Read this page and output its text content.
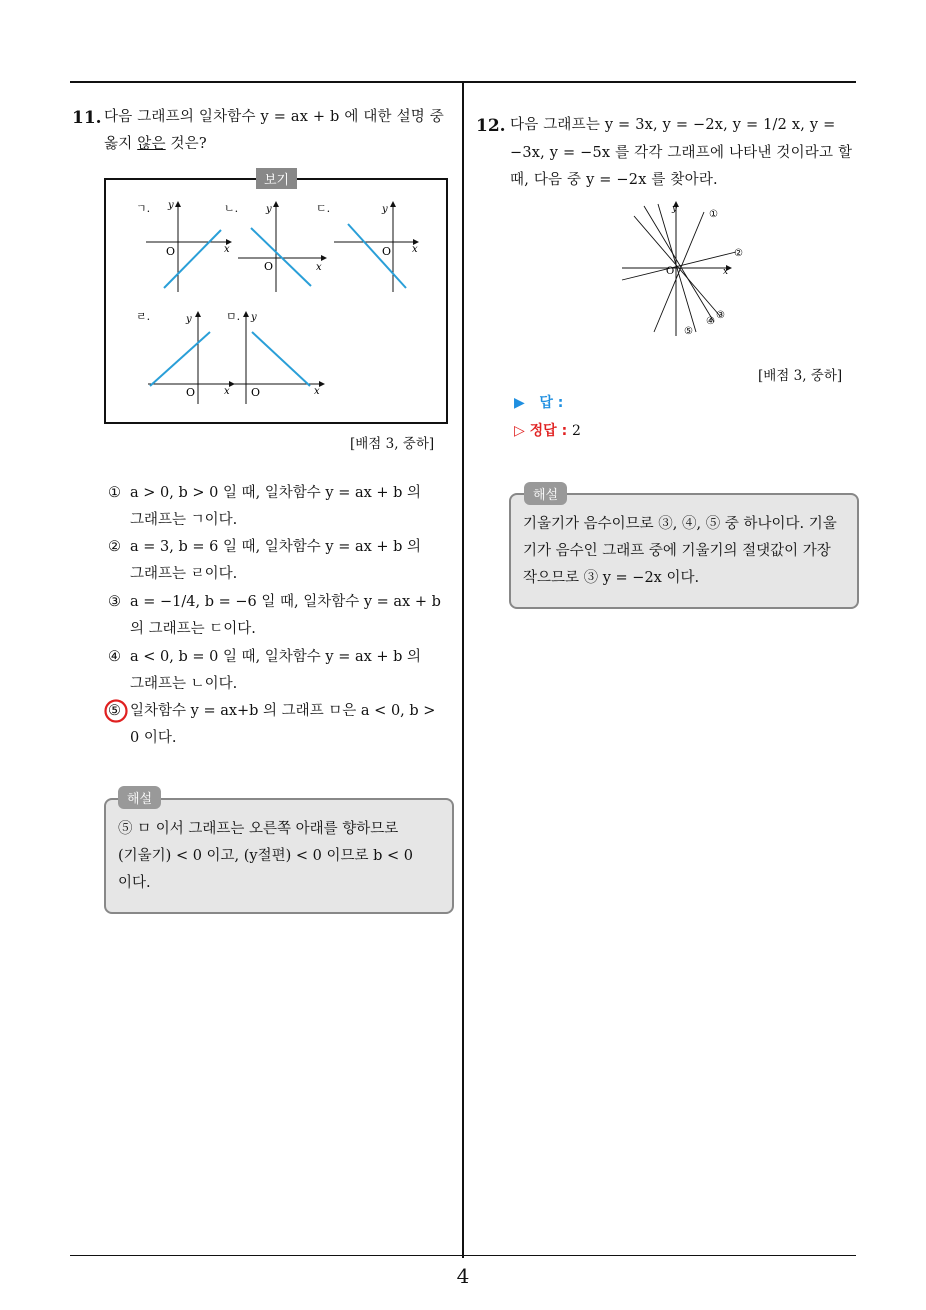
11. 다음 그래프의 일차함수 y = ax + b 에 대한 설명 중
옳지 않은 것은?
ㄱ. y
x
O
ㄴ.	y
x
O
ㄷ.	y
x
O
ㄹ.	y
x
O
ㅁ. y
x
O
보기
[배점 3, 중하]
① a > 0, b > 0 일 때, 일차함수 y = ax + b 의
그래프는 ㄱ이다.
② a = 3, b = 6 일 때, 일차함수 y = ax + b 의
그래프는 ㄹ이다.
③ a = −1/4, b = −6 일 때, 일차함수 y = ax + b
의 그래프는 ㄷ이다.
④ a < 0, b = 0 일 때, 일차함수 y = ax + b 의
그래프는 ㄴ이다.
⑤ 일차함수 y = ax+b 의 그래프 ㅁ은 a < 0, b >
0 이다.
⑤ ㅁ 이서 그래프는 오른쪽 아래를 향하므로
(기울기) < 0 이고, (y절편) < 0 이므로 b < 0
이다.
해설
12. 다음 그래프는 y = 3x, y = −2x, y = 1/2 x, y =
−3x, y = −5x 를 각각 그래프에 나타낸 것이라고 할
때, 다음 중 y = −2x 를 찾아라.
y
x
O
①
②
③
④
⑤
[배점 3, 중하]
▶   답 :
▷ 정답 : 2
기울기가 음수이므로 ③, ④, ⑤ 중 하나이다. 기울
기가 음수인 그래프 중에 기울기의 절댓값이 가장
작으므로 ③ y = −2x 이다.
해설
4
